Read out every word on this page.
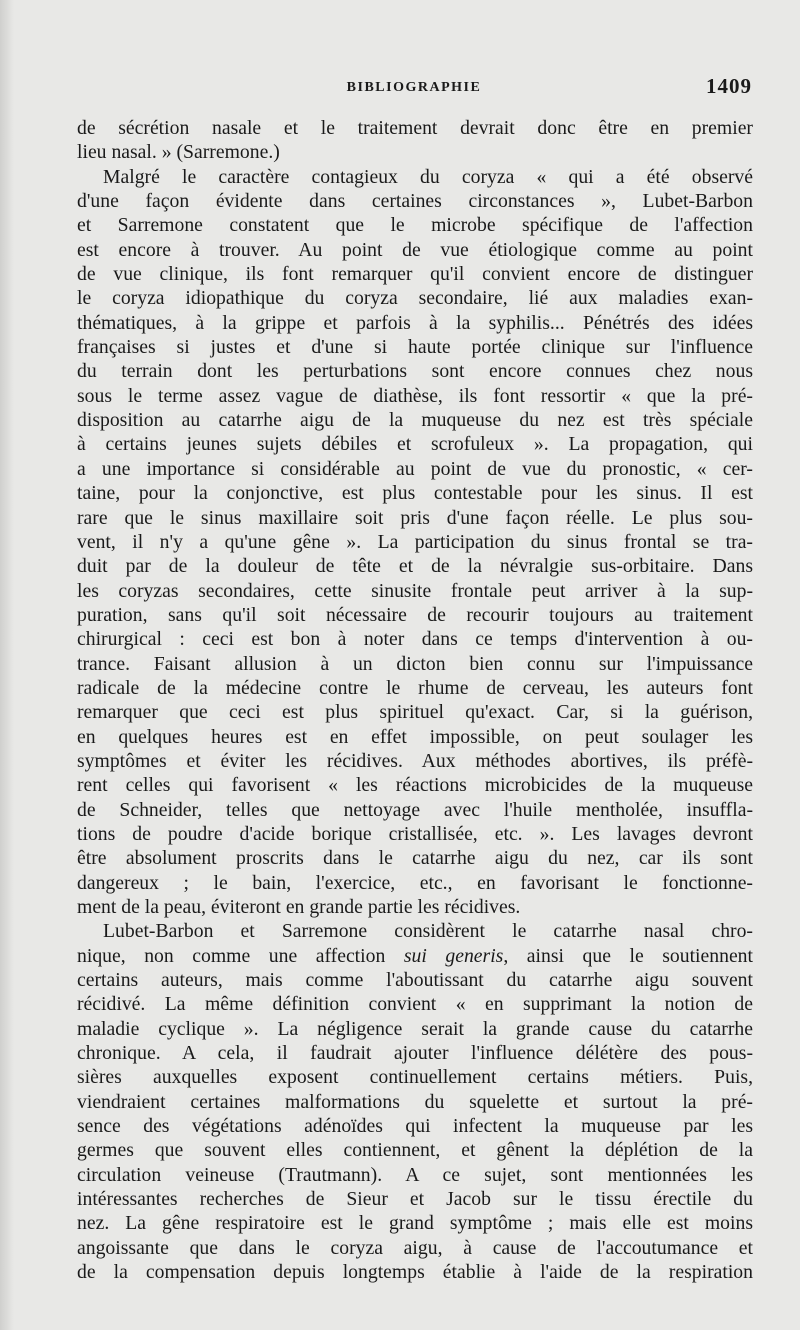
BIBLIOGRAPHIE	1409
de sécrétion nasale et le traitement devrait donc être en premier
lieu nasal. » (Sarremone.)
Malgré le caractère contagieux du coryza « qui a été observé
d'une façon évidente dans certaines circonstances », Lubet-Barbon
et Sarremone constatent que le microbe spécifique de l'affection
est encore à trouver. Au point de vue étiologique comme au point
de vue clinique, ils font remarquer qu'il convient encore de distinguer
le coryza idiopathique du coryza secondaire, lié aux maladies exan-
thématiques, à la grippe et parfois à la syphilis... Pénétrés des idées
françaises si justes et d'une si haute portée clinique sur l'influence
du terrain dont les perturbations sont encore connues chez nous
sous le terme assez vague de diathèse, ils font ressortir « que la pré-
disposition au catarrhe aigu de la muqueuse du nez est très spéciale
à certains jeunes sujets débiles et scrofuleux ». La propagation, qui
a une importance si considérable au point de vue du pronostic, « cer-
taine, pour la conjonctive, est plus contestable pour les sinus. Il est
rare que le sinus maxillaire soit pris d'une façon réelle. Le plus sou-
vent, il n'y a qu'une gêne ». La participation du sinus frontal se tra-
duit par de la douleur de tête et de la névralgie sus-orbitaire. Dans
les coryzas secondaires, cette sinusite frontale peut arriver à la sup-
puration, sans qu'il soit nécessaire de recourir toujours au traitement
chirurgical : ceci est bon à noter dans ce temps d'intervention à ou-
trance. Faisant allusion à un dicton bien connu sur l'impuissance
radicale de la médecine contre le rhume de cerveau, les auteurs font
remarquer que ceci est plus spirituel qu'exact. Car, si la guérison,
en quelques heures est en effet impossible, on peut soulager les
symptômes et éviter les récidives. Aux méthodes abortives, ils préfè-
rent celles qui favorisent « les réactions microbicides de la muqueuse
de Schneider, telles que nettoyage avec l'huile mentholée, insuffla-
tions de poudre d'acide borique cristallisée, etc. ». Les lavages devront
être absolument proscrits dans le catarrhe aigu du nez, car ils sont
dangereux ; le bain, l'exercice, etc., en favorisant le fonctionne-
ment de la peau, éviteront en grande partie les récidives.
Lubet-Barbon et Sarremone considèrent le catarrhe nasal chro-
nique, non comme une affection sui generis, ainsi que le soutiennent
certains auteurs, mais comme l'aboutissant du catarrhe aigu souvent
récidivé. La même définition convient « en supprimant la notion de
maladie cyclique ». La négligence serait la grande cause du catarrhe
chronique. A cela, il faudrait ajouter l'influence délétère des pous-
sières auxquelles exposent continuellement certains métiers. Puis,
viendraient certaines malformations du squelette et surtout la pré-
sence des végétations adénoïdes qui infectent la muqueuse par les
germes que souvent elles contiennent, et gênent la déplétion de la
circulation veineuse (Trautmann). A ce sujet, sont mentionnées les
intéressantes recherches de Sieur et Jacob sur le tissu érectile du
nez. La gêne respiratoire est le grand symptôme ; mais elle est moins
angoissante que dans le coryza aigu, à cause de l'accoutumance et
de la compensation depuis longtemps établie à l'aide de la respiration
